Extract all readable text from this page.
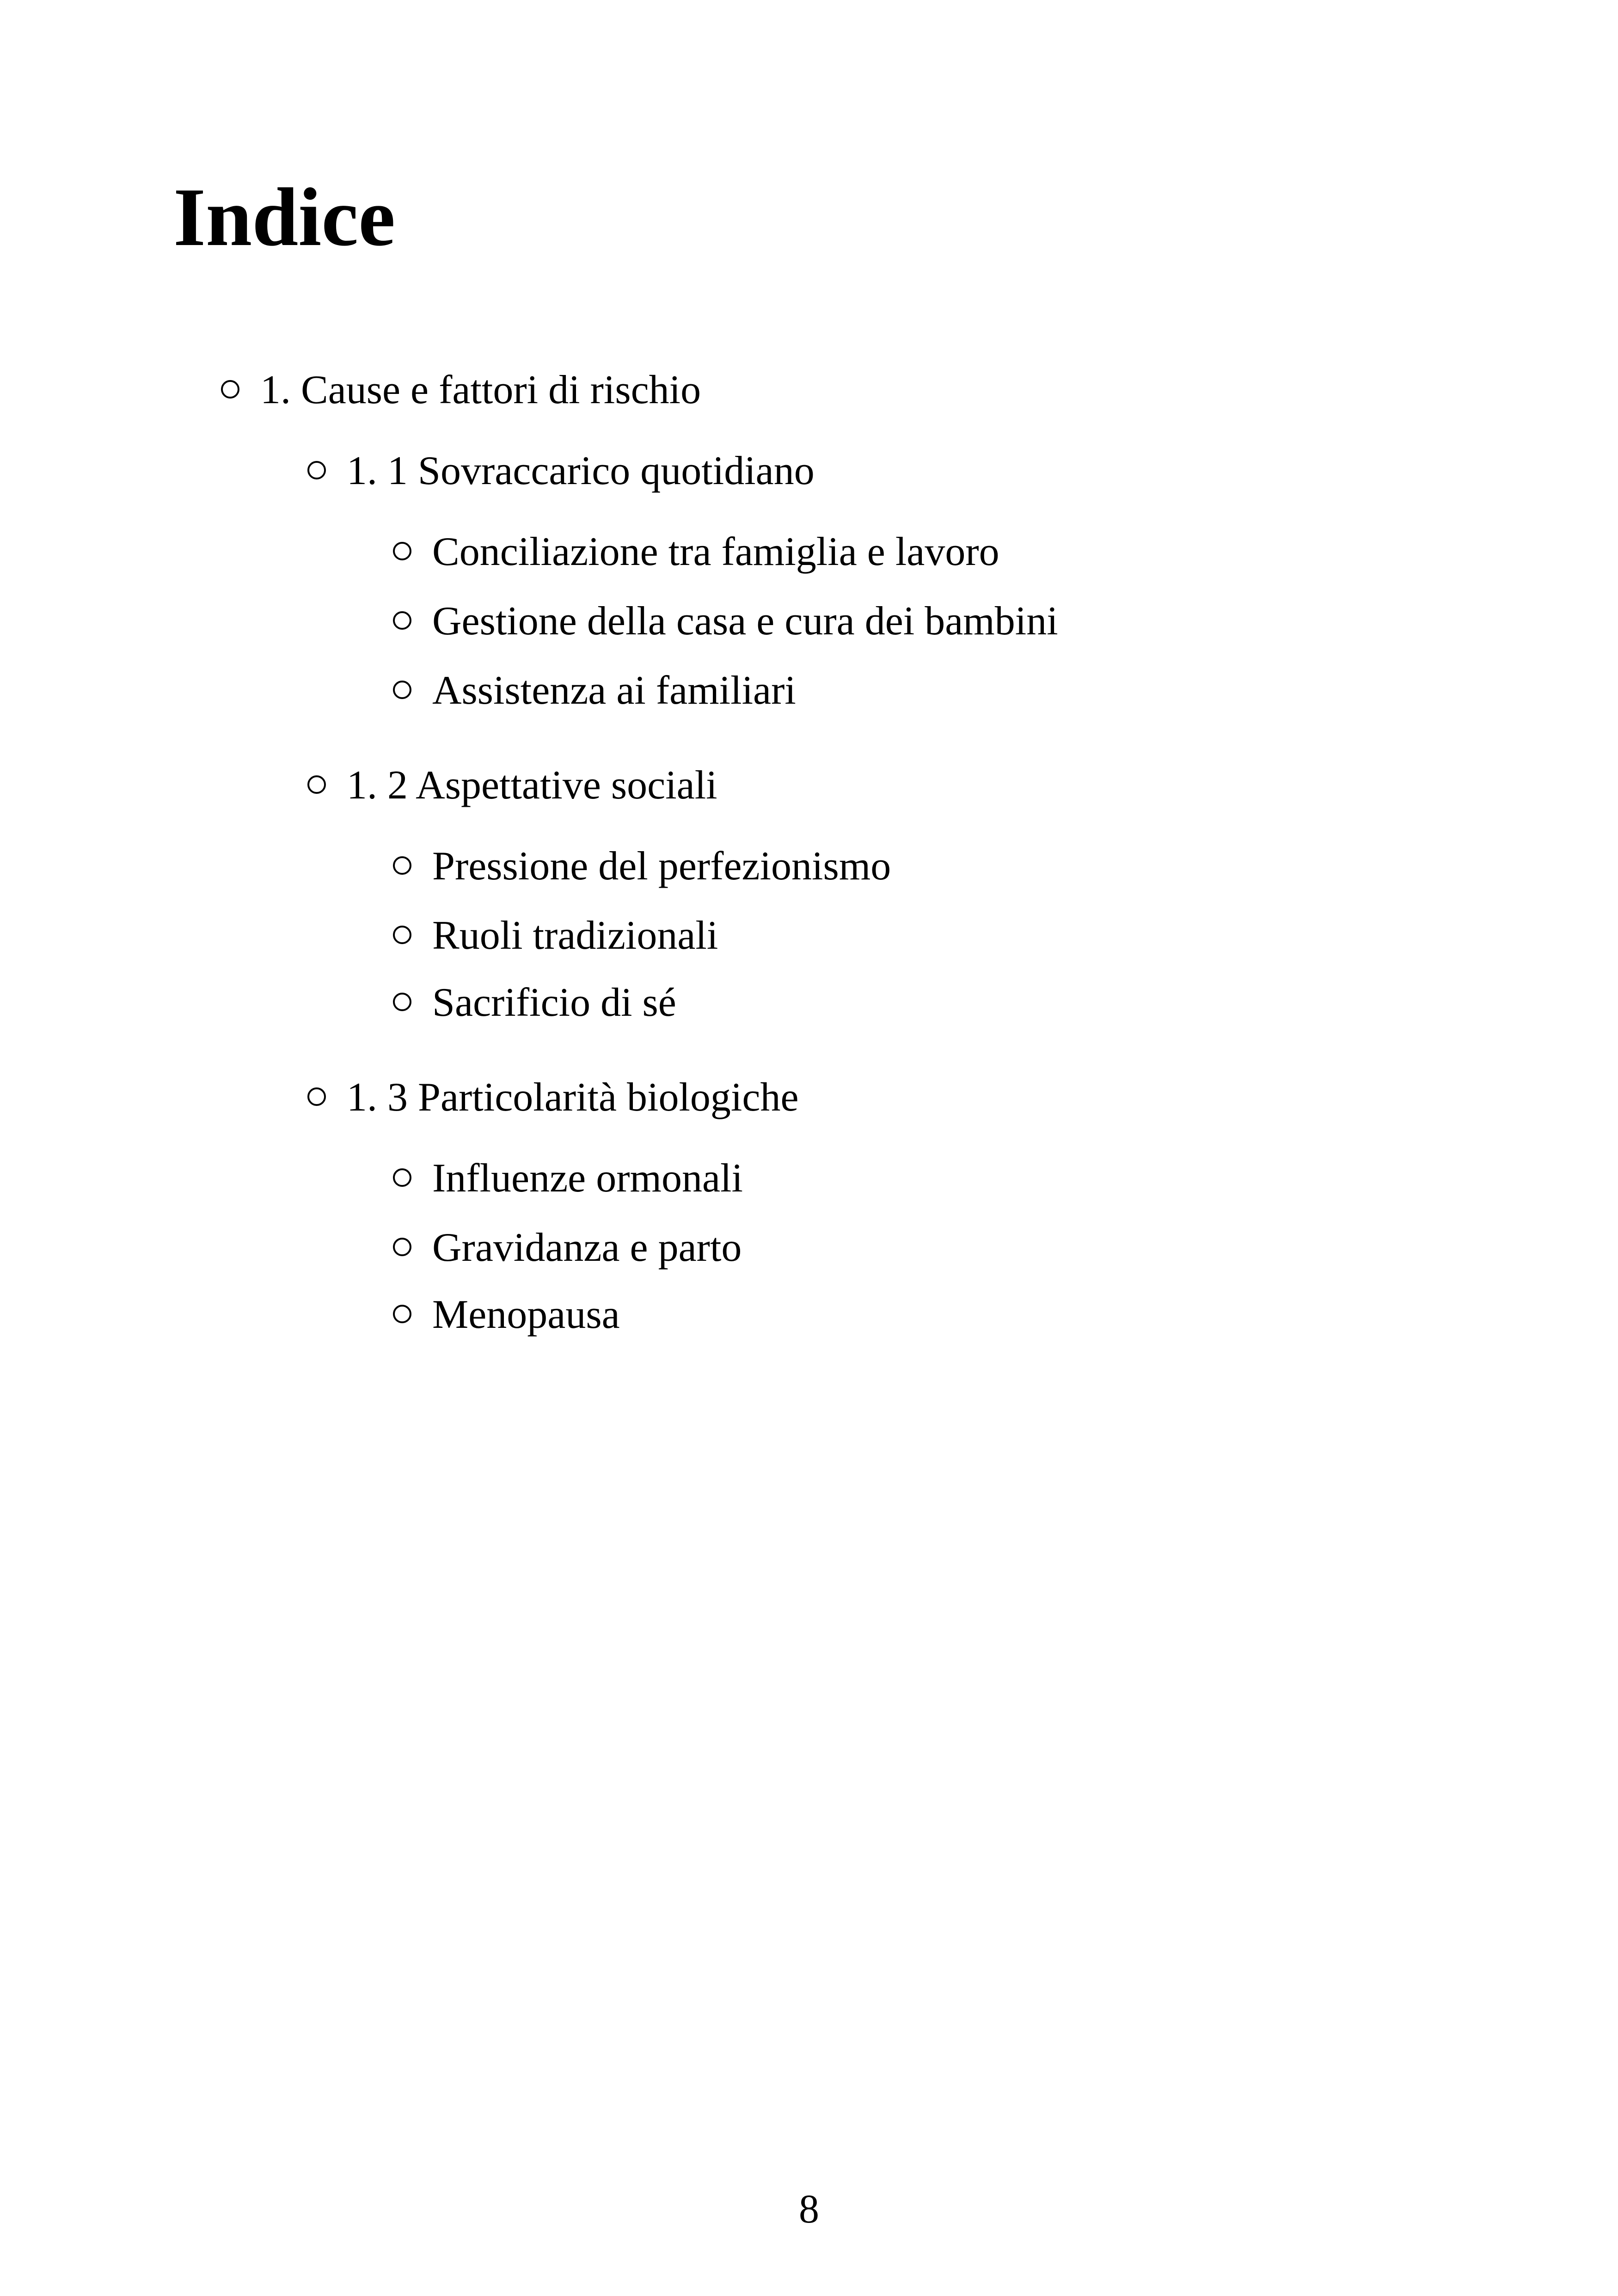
Indice
1. Cause e fattori di rischio
1. 1 Sovraccarico quotidiano
Conciliazione tra famiglia e lavoro
Gestione della casa e cura dei bambini
Assistenza ai familiari
1. 2 Aspettative sociali
Pressione del perfezionismo
Ruoli tradizionali
Sacrificio di sé
1. 3 Particolarità biologiche
Influenze ormonali
Gravidanza e parto
Menopausa
8
